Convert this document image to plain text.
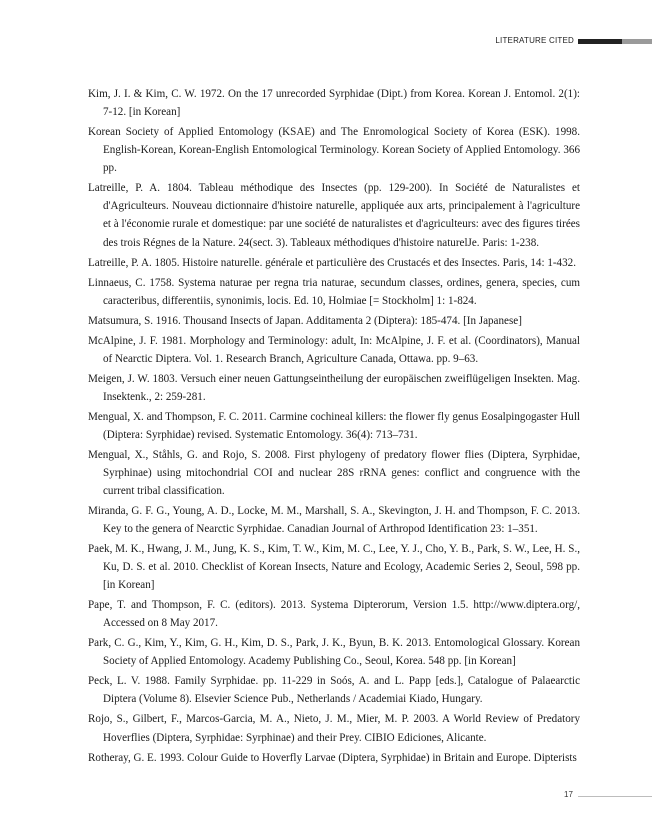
LITERATURE CITED

Kim, J. I. & Kim, C. W. 1972. On the 17 unrecorded Syrphidae (Dipt.) from Korea. Korean J. Entomol. 2(1): 7-12. [in Korean]

Korean Society of Applied Entomology (KSAE) and The Enromological Society of Korea (ESK). 1998. English-Korean, Korean-English Entomological Terminology. Korean Society of Applied Entomology. 366 pp.

Latreille, P. A. 1804. Tableau méthodique des Insectes (pp. 129-200). In Société de Naturalistes et d'Agriculteurs. Nouveau dictionnaire d'histoire naturelle, appliquée aux arts, principalement à l'agriculture et à l'économie rurale et domestique: par une société de naturalistes et d'agriculteurs: avec des figures tirées des trois Régnes de la Nature. 24(sect. 3). Tableaux méthodiques d'histoire naturelJe. Paris: 1-238.

Latreille, P. A. 1805. Histoire naturelle. générale et particulière des Crustacés et des Insectes. Paris, 14: 1-432.

Linnaeus, C. 1758. Systema naturae per regna tria naturae, secundum classes, ordines, genera, species, cum caracteribus, differentiis, synonimis, locis. Ed. 10, Holmiae [= Stockholm] 1: 1-824.

Matsumura, S. 1916. Thousand Insects of Japan. Additamenta 2 (Diptera): 185-474. [In Japanese]

McAlpine, J. F. 1981. Morphology and Terminology: adult, In: McAlpine, J. F. et al. (Coordinators), Manual of Nearctic Diptera. Vol. 1. Research Branch, Agriculture Canada, Ottawa. pp. 9–63.

Meigen, J. W. 1803. Versuch einer neuen Gattungseintheilung der europäischen zweiflügeligen Insekten. Mag. Insektenk., 2: 259-281.

Mengual, X. and Thompson, F. C. 2011. Carmine cochineal killers: the flower fly genus Eosalpingogaster Hull (Diptera: Syrphidae) revised. Systematic Entomology. 36(4): 713–731.

Mengual, X., Ståhls, G. and Rojo, S. 2008. First phylogeny of predatory flower flies (Diptera, Syrphidae, Syrphinae) using mitochondrial COI and nuclear 28S rRNA genes: conflict and congruence with the current tribal classification.

Miranda, G. F. G., Young, A. D., Locke, M. M., Marshall, S. A., Skevington, J. H. and Thompson, F. C. 2013. Key to the genera of Nearctic Syrphidae. Canadian Journal of Arthropod Identification 23: 1–351.

Paek, M. K., Hwang, J. M., Jung, K. S., Kim, T. W., Kim, M. C., Lee, Y. J., Cho, Y. B., Park, S. W., Lee, H. S., Ku, D. S. et al. 2010. Checklist of Korean Insects, Nature and Ecology, Academic Series 2, Seoul, 598 pp. [in Korean]

Pape, T. and Thompson, F. C. (editors). 2013. Systema Dipterorum, Version 1.5. http://www.diptera.org/, Accessed on 8 May 2017.

Park, C. G., Kim, Y., Kim, G. H., Kim, D. S., Park, J. K., Byun, B. K. 2013. Entomological Glossary. Korean Society of Applied Entomology. Academy Publishing Co., Seoul, Korea. 548 pp. [in Korean]

Peck, L. V. 1988. Family Syrphidae. pp. 11-229 in Soós, A. and L. Papp [eds.], Catalogue of Palaearctic Diptera (Volume 8). Elsevier Science Pub., Netherlands / Academiai Kiado, Hungary.

Rojo, S., Gilbert, F., Marcos-Garcia, M. A., Nieto, J. M., Mier, M. P. 2003. A World Review of Predatory Hoverflies (Diptera, Syrphidae: Syrphinae) and their Prey. CIBIO Ediciones, Alicante.

Rotheray, G. E. 1993. Colour Guide to Hoverfly Larvae (Diptera, Syrphidae) in Britain and Europe. Dipterists

17
